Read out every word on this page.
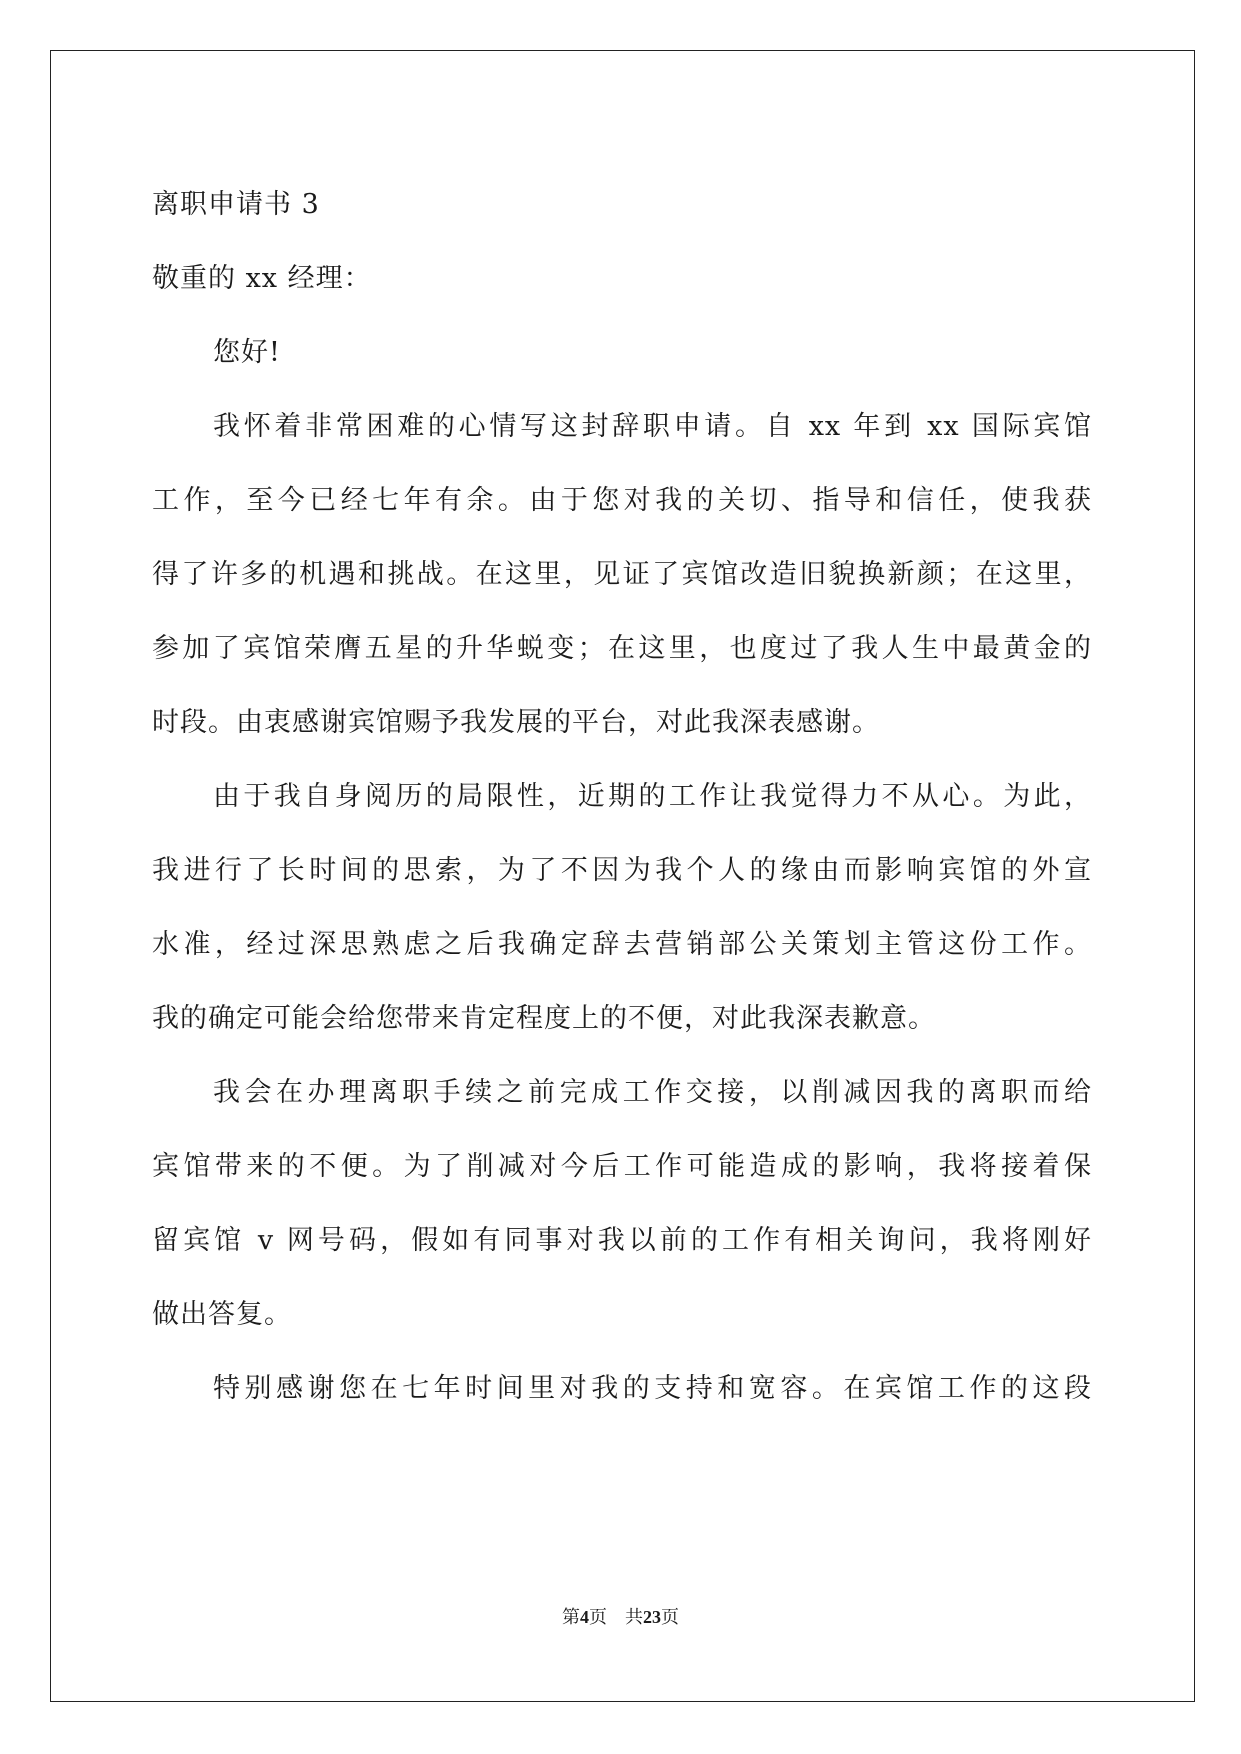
离职申请书 3

敬重的 xx 经理：

您好!

我怀着非常困难的心情写这封辞职申请。自 xx 年到 xx 国际宾馆

工作，至今已经七年有余。由于您对我的关切、指导和信任，使我获

得了许多的机遇和挑战。在这里，见证了宾馆改造旧貌换新颜；在这里，

参加了宾馆荣膺五星的升华蜕变；在这里，也度过了我人生中最黄金的

时段。由衷感谢宾馆赐予我发展的平台，对此我深表感谢。

由于我自身阅历的局限性，近期的工作让我觉得力不从心。为此，

我进行了长时间的思索，为了不因为我个人的缘由而影响宾馆的外宣

水准，经过深思熟虑之后我确定辞去营销部公关策划主管这份工作。

我的确定可能会给您带来肯定程度上的不便，对此我深表歉意。

我会在办理离职手续之前完成工作交接，以削减因我的离职而给

宾馆带来的不便。为了削减对今后工作可能造成的影响，我将接着保

留宾馆 v 网号码，假如有同事对我以前的工作有相关询问，我将刚好

做出答复。

特别感谢您在七年时间里对我的支持和宽容。在宾馆工作的这段

第4页 共23页
